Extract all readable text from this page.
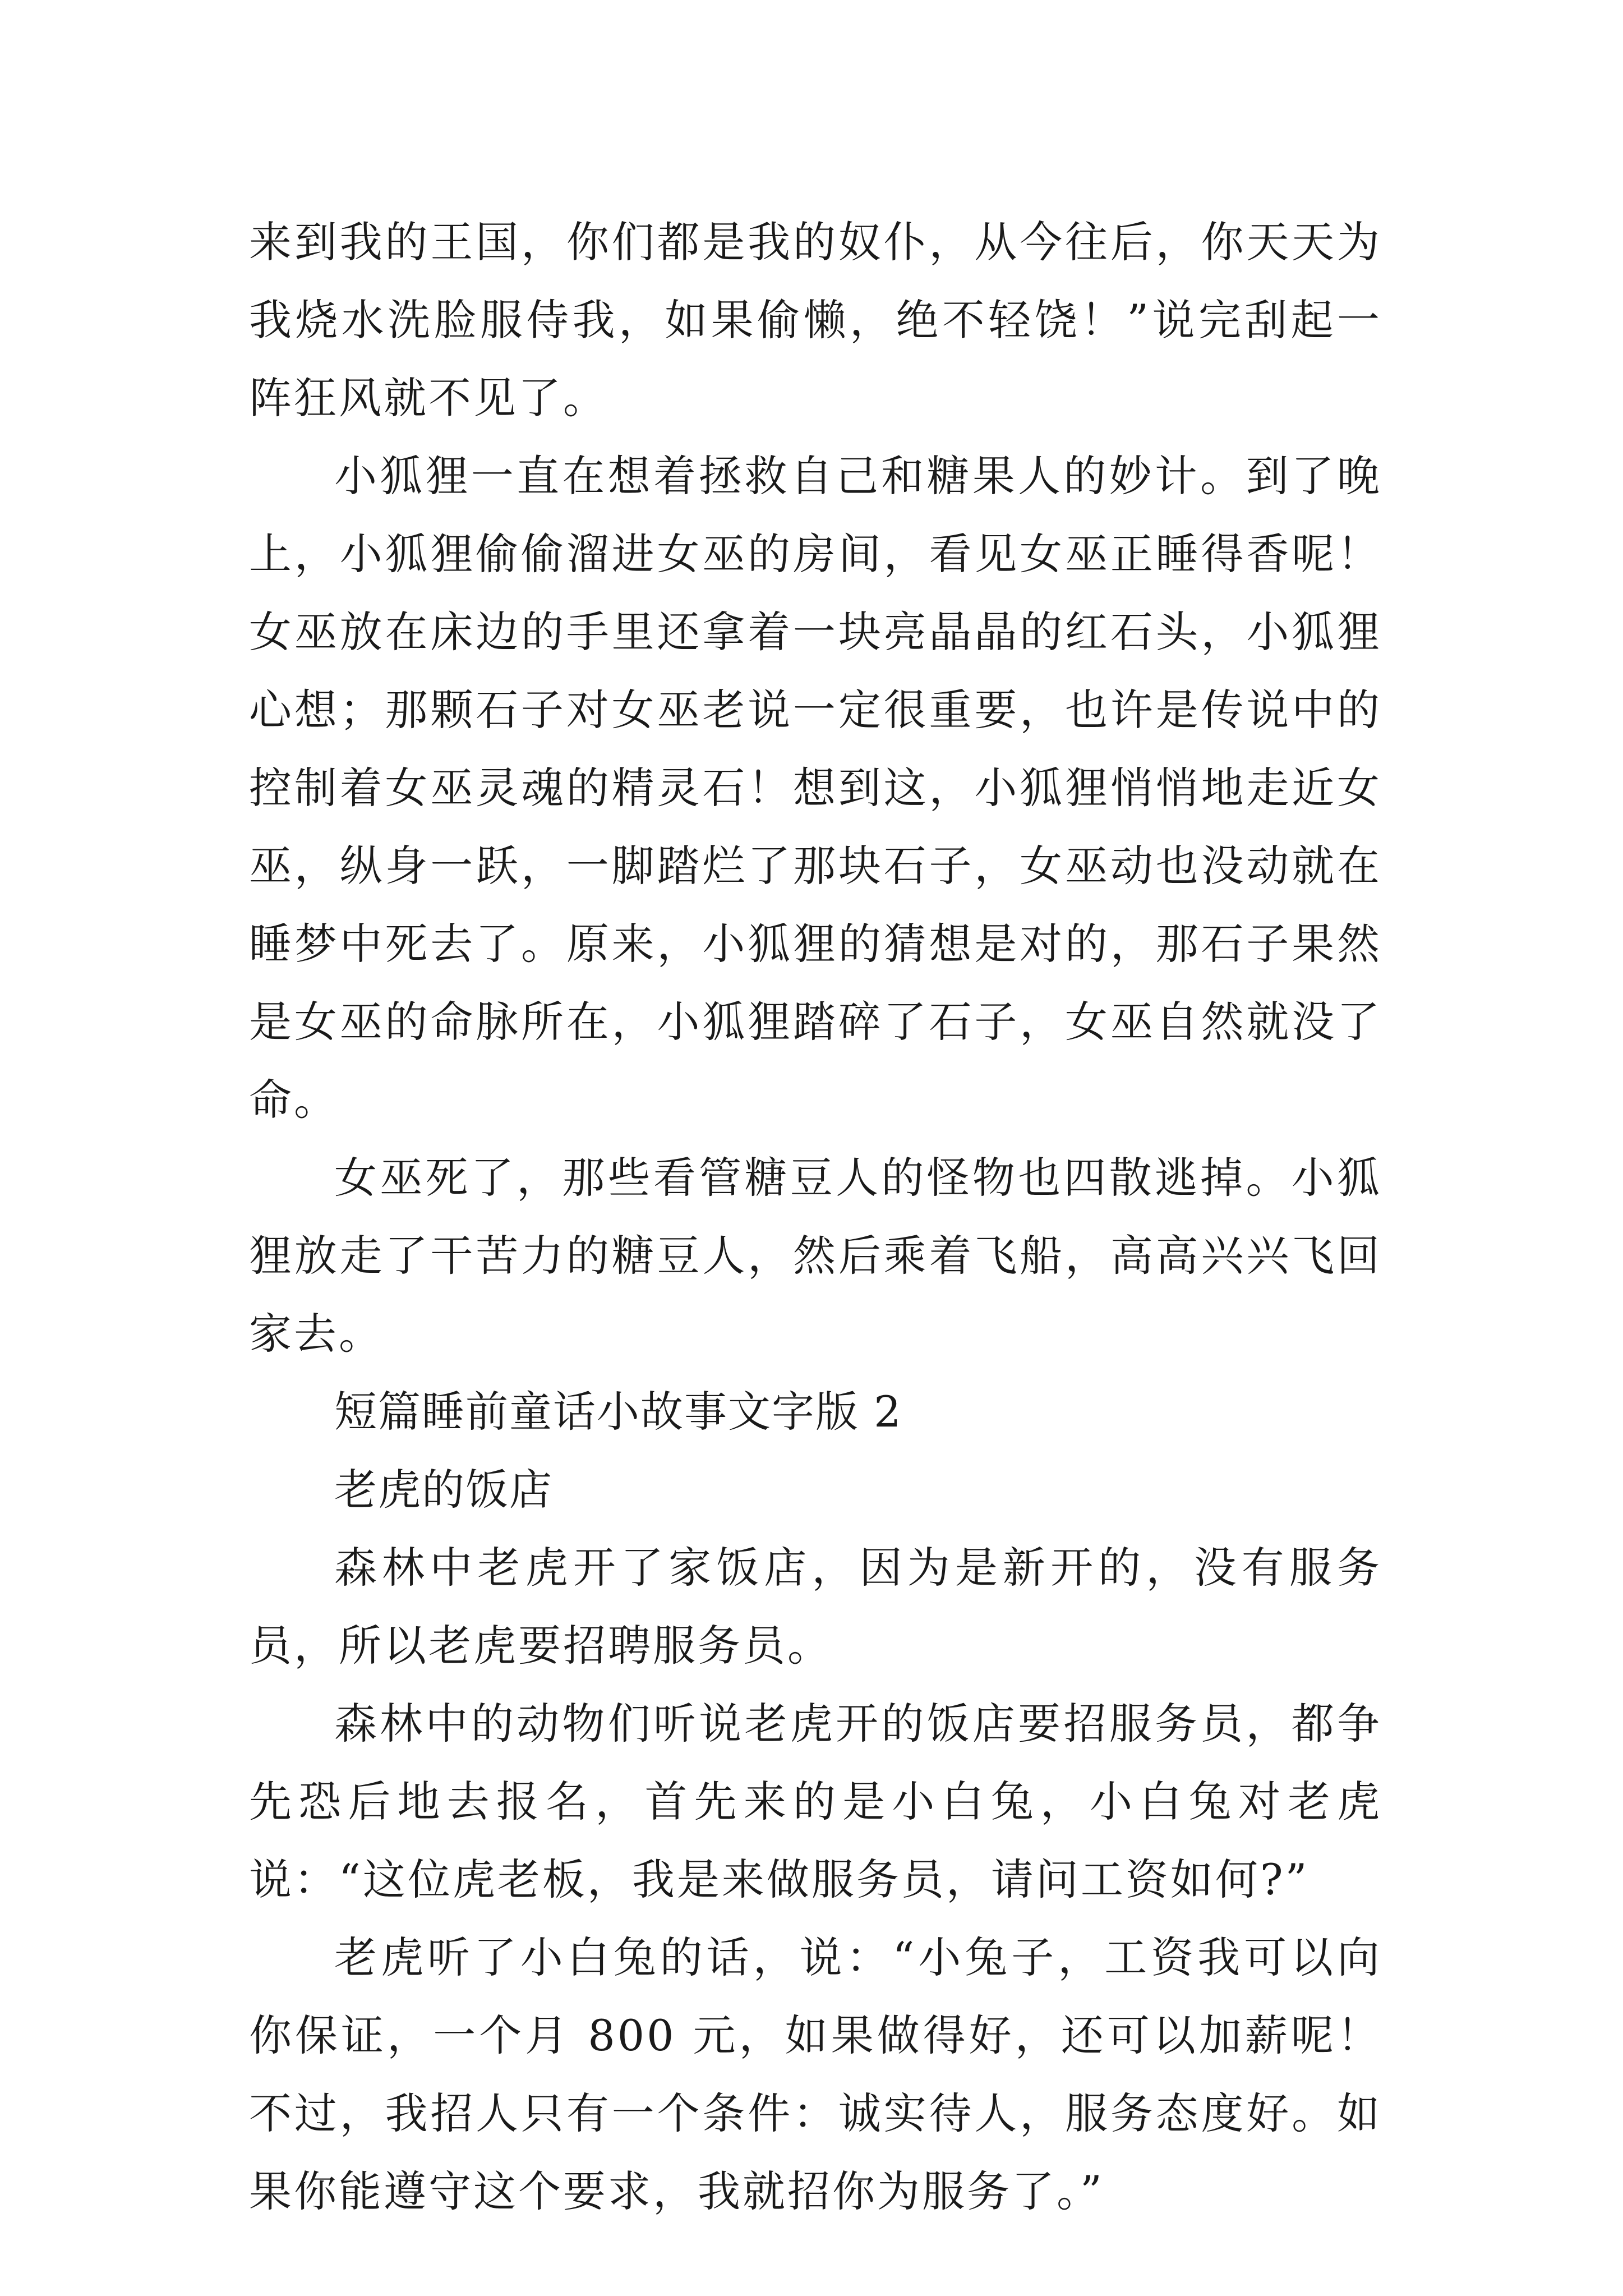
来到我的王国，你们都是我的奴仆，从今往后，你天天为我烧水洗脸服侍我，如果偷懒，绝不轻饶！”说完刮起一阵狂风就不见了。

小狐狸一直在想着拯救自己和糖果人的妙计。到了晚上，小狐狸偷偷溜进女巫的房间，看见女巫正睡得香呢！女巫放在床边的手里还拿着一块亮晶晶的红石头，小狐狸心想；那颗石子对女巫老说一定很重要，也许是传说中的控制着女巫灵魂的精灵石！想到这，小狐狸悄悄地走近女巫，纵身一跃，一脚踏烂了那块石子，女巫动也没动就在睡梦中死去了。原来，小狐狸的猜想是对的，那石子果然是女巫的命脉所在，小狐狸踏碎了石子，女巫自然就没了命。

女巫死了，那些看管糖豆人的怪物也四散逃掉。小狐狸放走了干苦力的糖豆人，然后乘着飞船，高高兴兴飞回家去。

短篇睡前童话小故事文字版 2

老虎的饭店

森林中老虎开了家饭店，因为是新开的，没有服务员，所以老虎要招聘服务员。

森林中的动物们听说老虎开的饭店要招服务员，都争先恐后地去报名，首先来的是小白兔，小白兔对老虎说：“这位虎老板，我是来做服务员，请问工资如何?”

老虎听了小白兔的话，说：“小兔子，工资我可以向你保证，一个月 800 元，如果做得好，还可以加薪呢！不过，我招人只有一个条件：诚实待人，服务态度好。如果你能遵守这个要求，我就招你为服务了。”
